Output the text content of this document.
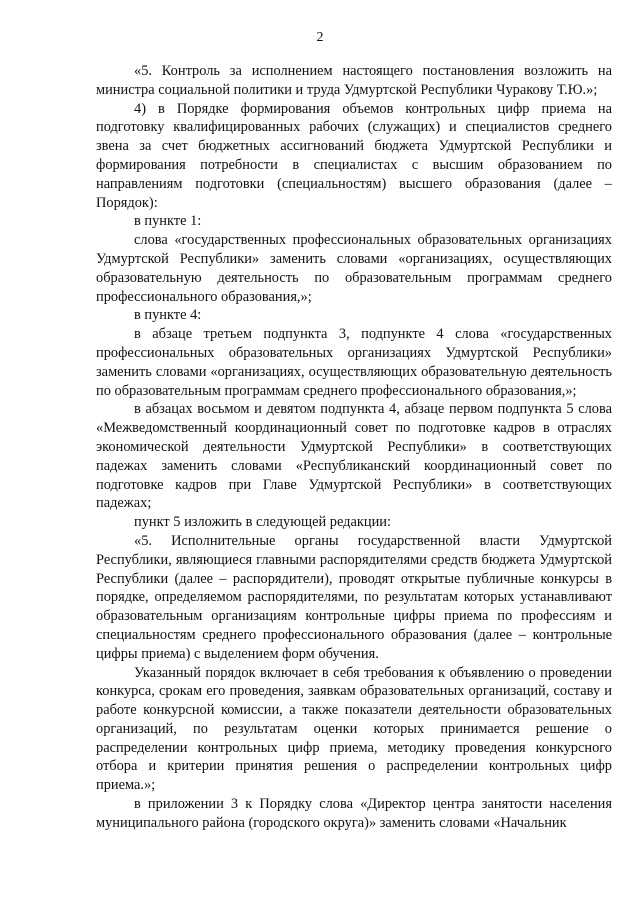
2

«5. Контроль за исполнением настоящего постановления возложить на министра социальной политики и труда Удмуртской Республики Чуракову Т.Ю.»;

4) в Порядке формирования объемов контрольных цифр приема на подготовку квалифицированных рабочих (служащих) и специалистов среднего звена за счет бюджетных ассигнований бюджета Удмуртской Республики и формирования потребности в специалистах с высшим образованием по направлениям подготовки (специальностям) высшего образования (далее – Порядок):

в пункте 1:

слова «государственных профессиональных образовательных организациях Удмуртской Республики» заменить словами «организациях, осуществляющих образовательную деятельность по образовательным программам среднего профессионального образования,»;

в пункте 4:

в абзаце третьем подпункта 3, подпункте 4 слова «государственных профессиональных образовательных организациях Удмуртской Республики» заменить словами «организациях, осуществляющих образовательную деятельность по образовательным программам среднего профессионального образования,»;

в абзацах восьмом и девятом подпункта 4, абзаце первом подпункта 5 слова «Межведомственный координационный совет по подготовке кадров в отраслях экономической деятельности Удмуртской Республики» в соответствующих падежах заменить словами «Республиканский координационный совет по подготовке кадров при Главе Удмуртской Республики» в соответствующих падежах;

пункт 5 изложить в следующей редакции:

«5. Исполнительные органы государственной власти Удмуртской Республики, являющиеся главными распорядителями средств бюджета Удмуртской Республики (далее – распорядители), проводят открытые публичные конкурсы в порядке, определяемом распорядителями, по результатам которых устанавливают образовательным организациям контрольные цифры приема по профессиям и специальностям среднего профессионального образования (далее – контрольные цифры приема) с выделением форм обучения.

Указанный порядок включает в себя требования к объявлению о проведении конкурса, срокам его проведения, заявкам образовательных организаций, составу и работе конкурсной комиссии, а также показатели деятельности образовательных организаций, по результатам оценки которых принимается решение о распределении контрольных цифр приема, методику проведения конкурсного отбора и критерии принятия решения о распределении контрольных цифр приема.»;

в приложении 3 к Порядку слова «Директор центра занятости населения муниципального района (городского округа)» заменить словами «Начальник
